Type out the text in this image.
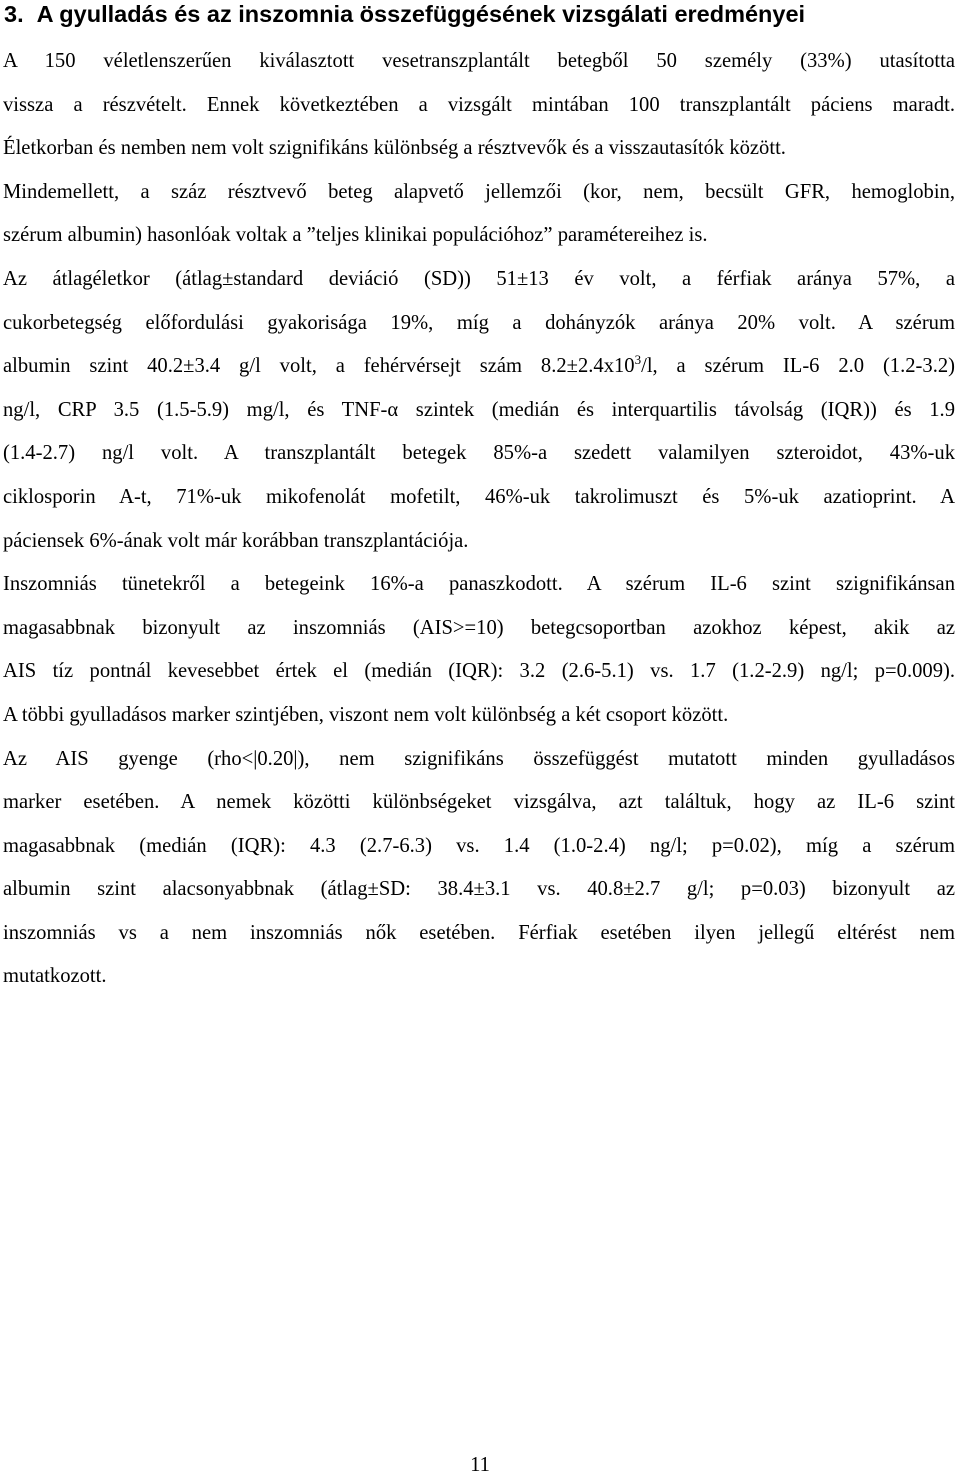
3. A gyulladás és az inszomnia összefüggésének vizsgálati eredményei
A 150 véletlenszerűen kiválasztott vesetranszplantált betegből 50 személy (33%) utasította
vissza a részvételt. Ennek következtében a vizsgált mintában 100 transzplantált páciens maradt.
Életkorban és nemben nem volt szignifikáns különbség a résztvevők és a visszautasítók között.
Mindemellett, a száz résztvevő beteg alapvető jellemzői (kor, nem, becsült GFR, hemoglobin,
szérum albumin) hasonlóak voltak a ”teljes klinikai populációhoz” paramétereihez is.
Az átlagéletkor (átlag±standard deviáció (SD)) 51±13 év volt, a férfiak aránya 57%, a
cukorbetegség előfordulási gyakorisága 19%, míg a dohányzók aránya 20% volt. A szérum
albumin szint 40.2±3.4 g/l volt, a fehérvérsejt szám $8.2\pm 2.4x10^3/l$, a szérum IL-6 2.0 (1.2-3.2)
ng/l, CRP 3.5 (1.5-5.9) mg/l, és TNF-α szintek (medián és interquartilis távolság (IQR)) és 1.9
(1.4-2.7) ng/l volt. A transzplantált betegek 85%-a szedett valamilyen szteroidot, 43%-uk
ciklosporin A-t, 71%-uk mikofenolát mofetilt, 46%-uk takrolimuszt és 5%-uk azatioprint. A
páciensek 6%-ának volt már korábban transzplantációja.
Inszomniás tünetekről a betegeink 16%-a panaszkodott. A szérum IL-6 szint szignifikánsan
magasabbnak bizonyult az inszomniás (AIS>=10) betegcsoportban azokhoz képest, akik az
AIS tíz pontnál kevesebbet értek el (medián (IQR): 3.2 (2.6-5.1) vs. 1.7 (1.2-2.9) ng/l; p=0.009).
A többi gyulladásos marker szintjében, viszont nem volt különbség a két csoport között.
Az AIS gyenge (rho<|0.20|), nem szignifikáns összefüggést mutatott minden gyulladásos
marker esetében. A nemek közötti különbségeket vizsgálva, azt találtuk, hogy az IL-6 szint
magasabbnak (medián (IQR): 4.3 (2.7-6.3) vs. 1.4 (1.0-2.4) ng/l; p=0.02), míg a szérum
albumin szint alacsonyabbnak (átlag±SD: 38.4±3.1 vs. 40.8±2.7 g/l; p=0.03) bizonyult az
inszomniás vs a nem inszomniás nők esetében. Férfiak esetében ilyen jellegű eltérést nem
mutatkozott.
11
